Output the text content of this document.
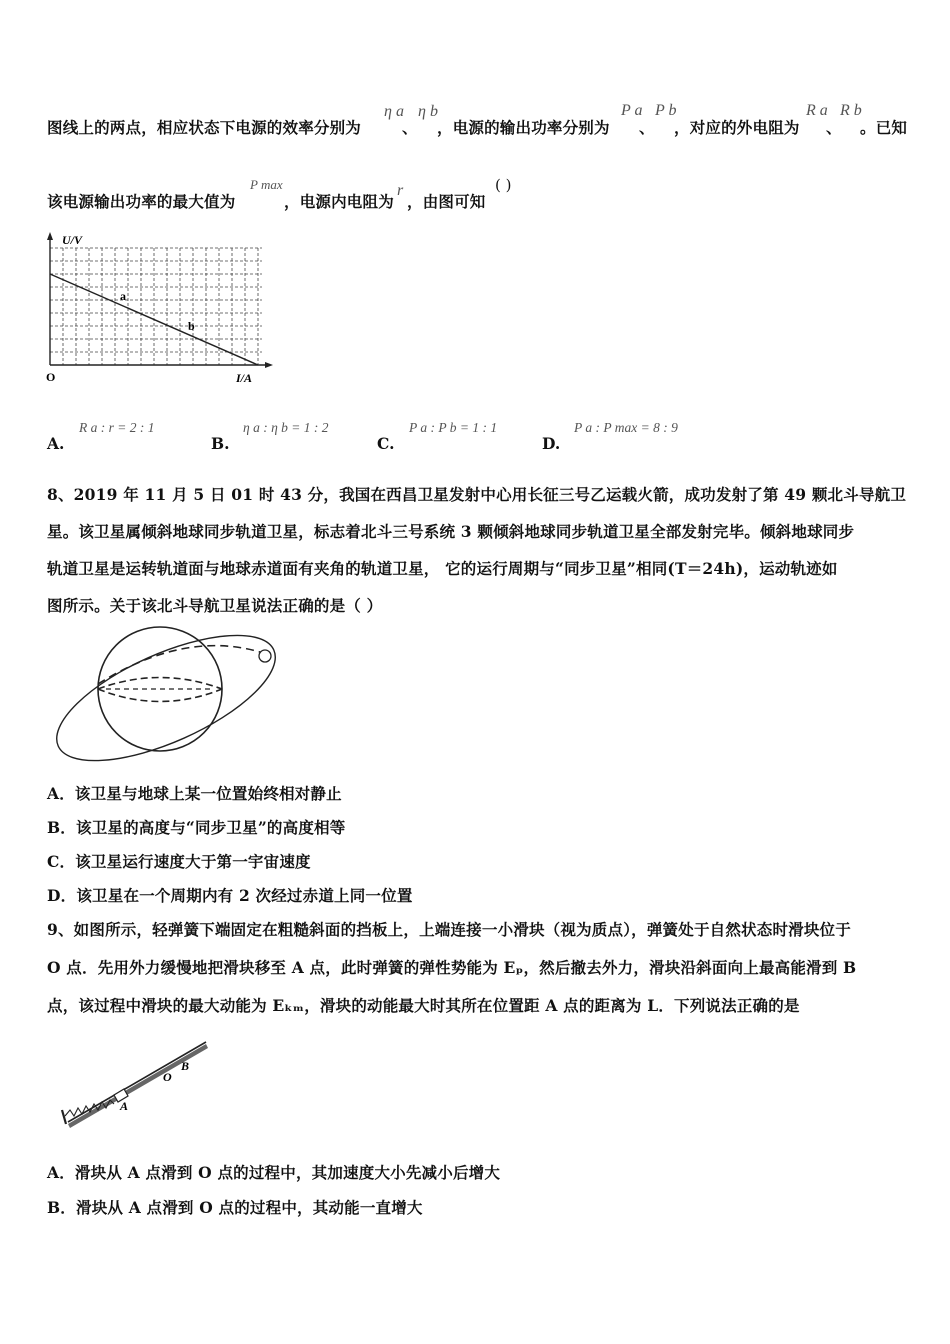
图线上的两点，相应状态下电源的效率分别为
η a
、
η b
，电源的输出功率分别为
P a
、
P b
，对应的外电阻为
R a
、
R b
。已知
该电源输出功率的最大值为
P max
，电源内电阻为
r
，由图可知
( )
U/V
I/A
O
a
b
A.
R a : r = 2 : 1
B.
η a : η b = 1 : 2
C.
P a : P b = 1 : 1
D.
P a : P max = 8 : 9
8、2019 年 11 月 5 日 01 时 43 分，我国在西昌卫星发射中心用长征三号乙运载火箭，成功发射了第 49 颗北斗导航卫
星。该卫星属倾斜地球同步轨道卫星，标志着北斗三号系统 3 颗倾斜地球同步轨道卫星全部发射完毕。倾斜地球同步
轨道卫星是运转轨道面与地球赤道面有夹角的轨道卫星， 它的运行周期与“同步卫星”相同(T＝24h)，运动轨迹如
图所示。关于该北斗导航卫星说法正确的是（ ）
A．该卫星与地球上某一位置始终相对静止
B．该卫星的高度与“同步卫星”的高度相等
C．该卫星运行速度大于第一宇宙速度
D．该卫星在一个周期内有 2 次经过赤道上同一位置
9、如图所示，轻弹簧下端固定在粗糙斜面的挡板上，上端连接一小滑块（视为质点），弹簧处于自然状态时滑块位于
O 点．先用外力缓慢地把滑块移至 A 点，此时弹簧的弹性势能为 Eₚ，然后撤去外力，滑块沿斜面向上最高能滑到 B
点，该过程中滑块的最大动能为 Eₖₘ，滑块的动能最大时其所在位置距 A 点的距离为 L．下列说法正确的是
A
O
B
A．滑块从 A 点滑到 O 点的过程中，其加速度大小先减小后增大
B．滑块从 A 点滑到 O 点的过程中，其动能一直增大
